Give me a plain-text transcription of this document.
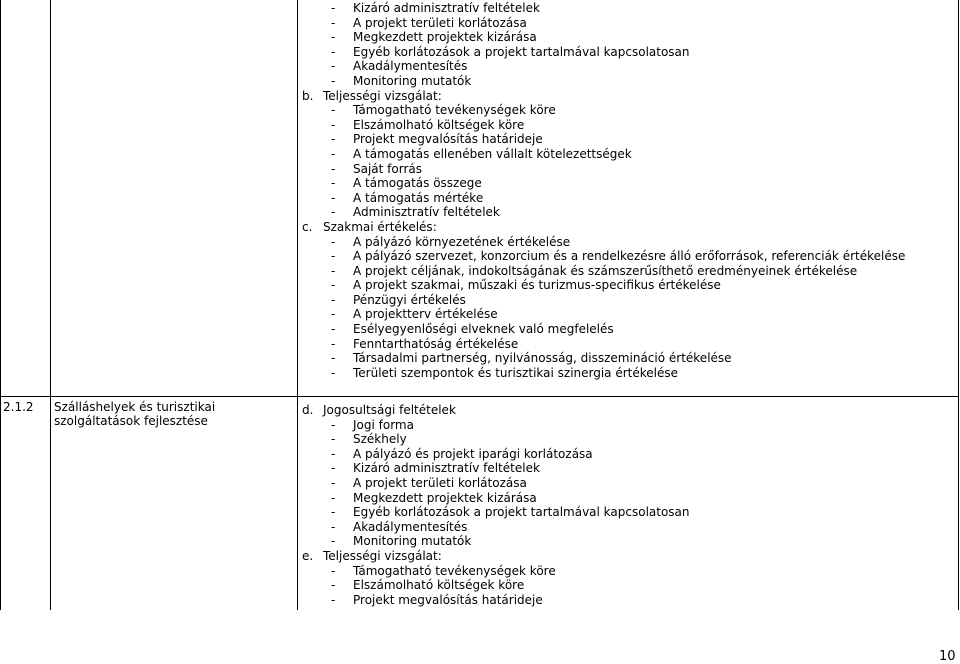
- Kizáró adminisztratív feltételek
- A projekt területi korlátozása
- Megkezdett projektek kizárása
- Egyéb korlátozások a projekt tartalmával kapcsolatosan
- Akadálymentesítés
- Monitoring mutatók
b. Teljességi vizsgálat:
- Támogatható tevékenységek köre
- Elszámolható költségek köre
- Projekt megvalósítás határideje
- A támogatás ellenében vállalt kötelezettségek
- Saját forrás
- A támogatás összege
- A támogatás mértéke
- Adminisztratív feltételek
c. Szakmai értékelés:
- A pályázó környezetének értékelése
- A pályázó szervezet, konzorcium és a rendelkezésre álló erőforrások, referenciák értékelése
- A projekt céljának, indokoltságának és számszerűsíthető eredményeinek értékelése
- A projekt szakmai, műszaki és turizmus-specifikus értékelése
- Pénzügyi értékelés
- A projektterv értékelése
- Esélyegyenlőségi elveknek való megfelelés
- Fenntarthatóság értékelése
- Társadalmi partnerség, nyilvánosság, disszemináció értékelése
- Területi szempontok és turisztikai szinergia értékelése
2.1.2 Szálláshelyek és turisztikai szolgáltatások fejlesztése
d. Jogosultsági feltételek
- Jogi forma
- Székhely
- A pályázó és projekt iparági korlátozása
- Kizáró adminisztratív feltételek
- A projekt területi korlátozása
- Megkezdett projektek kizárása
- Egyéb korlátozások a projekt tartalmával kapcsolatosan
- Akadálymentesítés
- Monitoring mutatók
e. Teljességi vizsgálat:
- Támogatható tevékenységek köre
- Elszámolható költségek köre
- Projekt megvalósítás határideje
10
